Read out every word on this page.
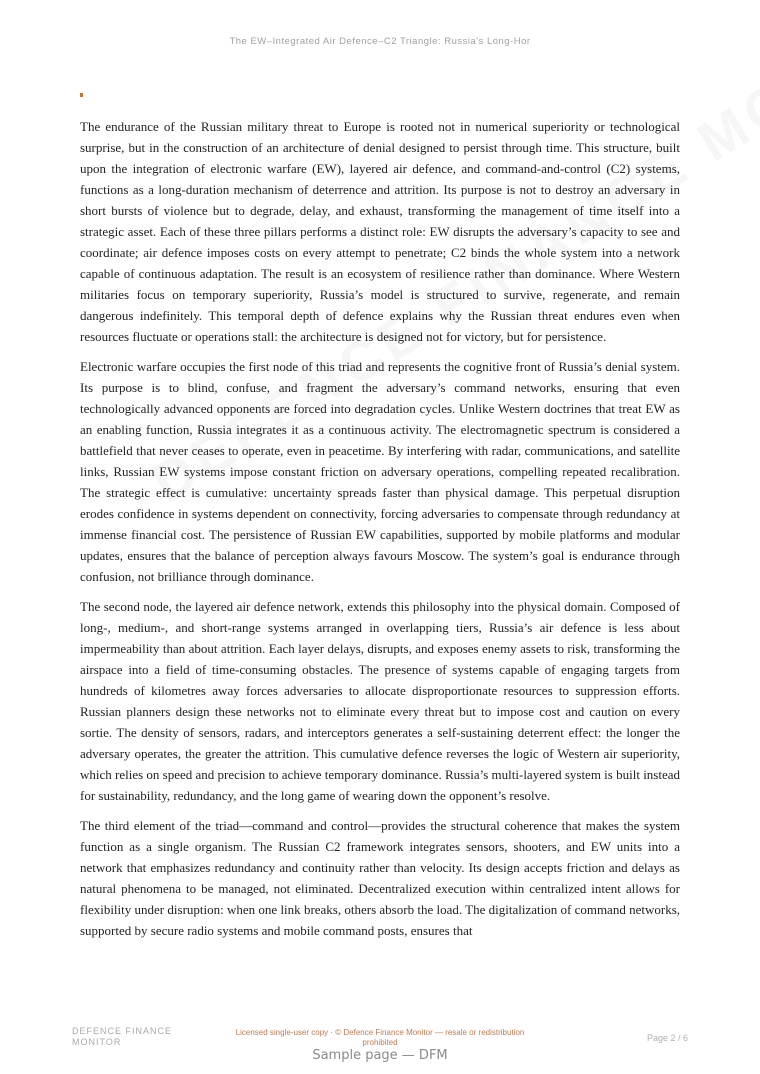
The EW–Integrated Air Defence–C2 Triangle: Russia's Long-Hor

The endurance of the Russian military threat to Europe is rooted not in numerical superiority or technological surprise, but in the construction of an architecture of denial designed to persist through time. This structure, built upon the integration of electronic warfare (EW), layered air defence, and command-and-control (C2) systems, functions as a long-duration mechanism of deterrence and attrition. Its purpose is not to destroy an adversary in short bursts of violence but to degrade, delay, and exhaust, transforming the management of time itself into a strategic asset. Each of these three pillars performs a distinct role: EW disrupts the adversary’s capacity to see and coordinate; air defence imposes costs on every attempt to penetrate; C2 binds the whole system into a network capable of continuous adaptation. The result is an ecosystem of resilience rather than dominance. Where Western militaries focus on temporary superiority, Russia’s model is structured to survive, regenerate, and remain dangerous indefinitely. This temporal depth of defence explains why the Russian threat endures even when resources fluctuate or operations stall: the architecture is designed not for victory, but for persistence.

Electronic warfare occupies the first node of this triad and represents the cognitive front of Russia’s denial system. Its purpose is to blind, confuse, and fragment the adversary’s command networks, ensuring that even technologically advanced opponents are forced into degradation cycles. Unlike Western doctrines that treat EW as an enabling function, Russia integrates it as a continuous activity. The electromagnetic spectrum is considered a battlefield that never ceases to operate, even in peacetime. By interfering with radar, communications, and satellite links, Russian EW systems impose constant friction on adversary operations, compelling repeated recalibration. The strategic effect is cumulative: uncertainty spreads faster than physical damage. This perpetual disruption erodes confidence in systems dependent on connectivity, forcing adversaries to compensate through redundancy at immense financial cost. The persistence of Russian EW capabilities, supported by mobile platforms and modular updates, ensures that the balance of perception always favours Moscow. The system’s goal is endurance through confusion, not brilliance through dominance.

The second node, the layered air defence network, extends this philosophy into the physical domain. Composed of long-, medium-, and short-range systems arranged in overlapping tiers, Russia’s air defence is less about impermeability than about attrition. Each layer delays, disrupts, and exposes enemy assets to risk, transforming the airspace into a field of time-consuming obstacles. The presence of systems capable of engaging targets from hundreds of kilometres away forces adversaries to allocate disproportionate resources to suppression efforts. Russian planners design these networks not to eliminate every threat but to impose cost and caution on every sortie. The density of sensors, radars, and interceptors generates a self-sustaining deterrent effect: the longer the adversary operates, the greater the attrition. This cumulative defence reverses the logic of Western air superiority, which relies on speed and precision to achieve temporary dominance. Russia’s multi-layered system is built instead for sustainability, redundancy, and the long game of wearing down the opponent’s resolve.

The third element of the triad—command and control—provides the structural coherence that makes the system function as a single organism. The Russian C2 framework integrates sensors, shooters, and EW units into a network that emphasizes redundancy and continuity rather than velocity. Its design accepts friction and delays as natural phenomena to be managed, not eliminated. Decentralized execution within centralized intent allows for flexibility under disruption: when one link breaks, others absorb the load. The digitalization of command networks, supported by secure radio systems and mobile command posts, ensures that

DEFENCE FINANCE
MONITOR
Licensed single-user copy · © Defence Finance Monitor — resale or redistribution
prohibited	Page 2 / 6
Sample page — DFM
